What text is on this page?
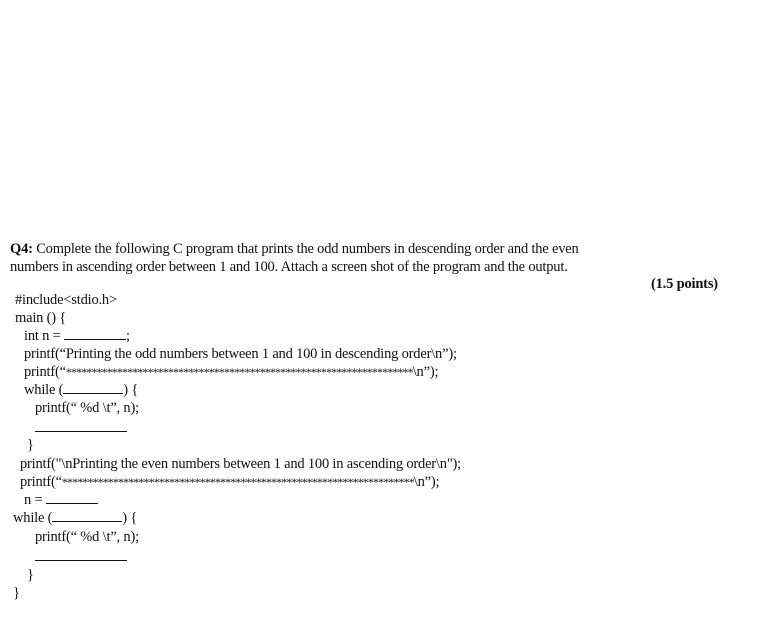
Q4: Complete the following C program that prints the odd numbers in descending order and the even
numbers in ascending order between 1 and 100. Attach a screen shot of the program and the output.
(1.5 points)
#include<stdio.h>
main () {
int n =	;
printf(“Printing the odd numbers between 1 and 100 in descending order\n”);
printf(“********************************************************************\n”);
while (	) {
printf(“ %d \t”, n);
}
printf("\nPrinting the even numbers between 1 and 100 in ascending order\n");
printf(“*********************************************************************\n”);
n =
while (	) {
printf(“ %d \t”, n);
}
}
